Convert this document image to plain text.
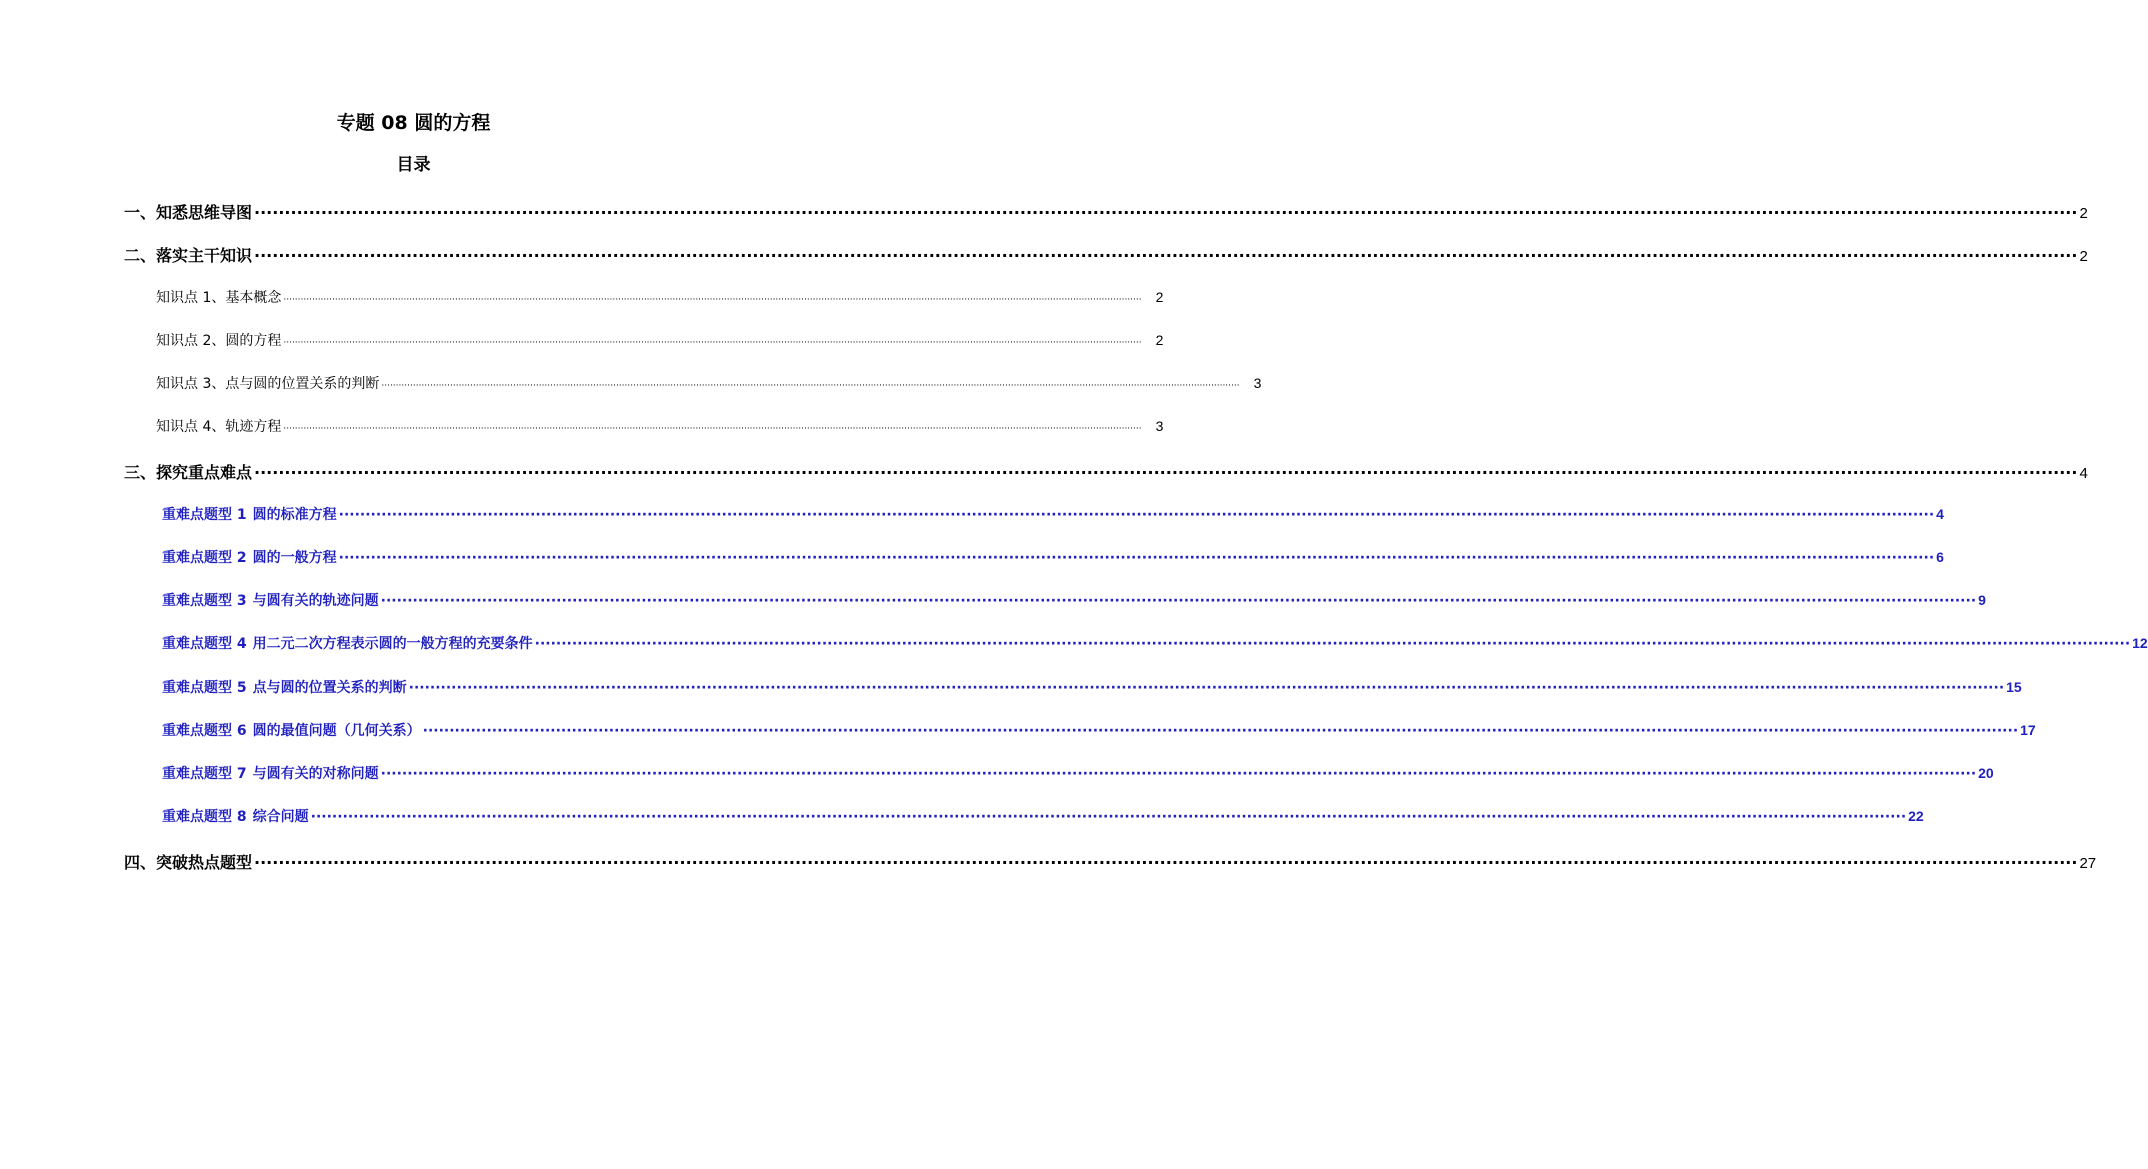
专题 08 圆的方程
目录
一、知悉思维导图 ············································································································································································································································································································ 2
二、落实主干知识 ············································································································································································································································································································ 2
知识点 1、基本概念 ············································································································································································································································································································ 2
知识点 2、圆的方程 ············································································································································································································································································································ 2
知识点 3、点与圆的位置关系的判断 ············································································································································································································································································································ 3
知识点 4、轨迹方程 ············································································································································································································································································································ 3
三、探究重点难点 ············································································································································································································································································································ 4
重难点题型 1 圆的标准方程 ············································································································································································································································································································ 4
重难点题型 2 圆的一般方程 ············································································································································································································································································································ 6
重难点题型 3 与圆有关的轨迹问题 ············································································································································································································································································································ 9
重难点题型 4 用二元二次方程表示圆的一般方程的充要条件 ············································································································································································································································································································ 12
重难点题型 5 点与圆的位置关系的判断 ············································································································································································································································································································ 15
重难点题型 6 圆的最值问题（几何关系） ············································································································································································································································································································ 17
重难点题型 7 与圆有关的对称问题 ············································································································································································································································································································ 20
重难点题型 8 综合问题 ············································································································································································································································································································ 22
四、突破热点题型 ············································································································································································································································································································ 27
